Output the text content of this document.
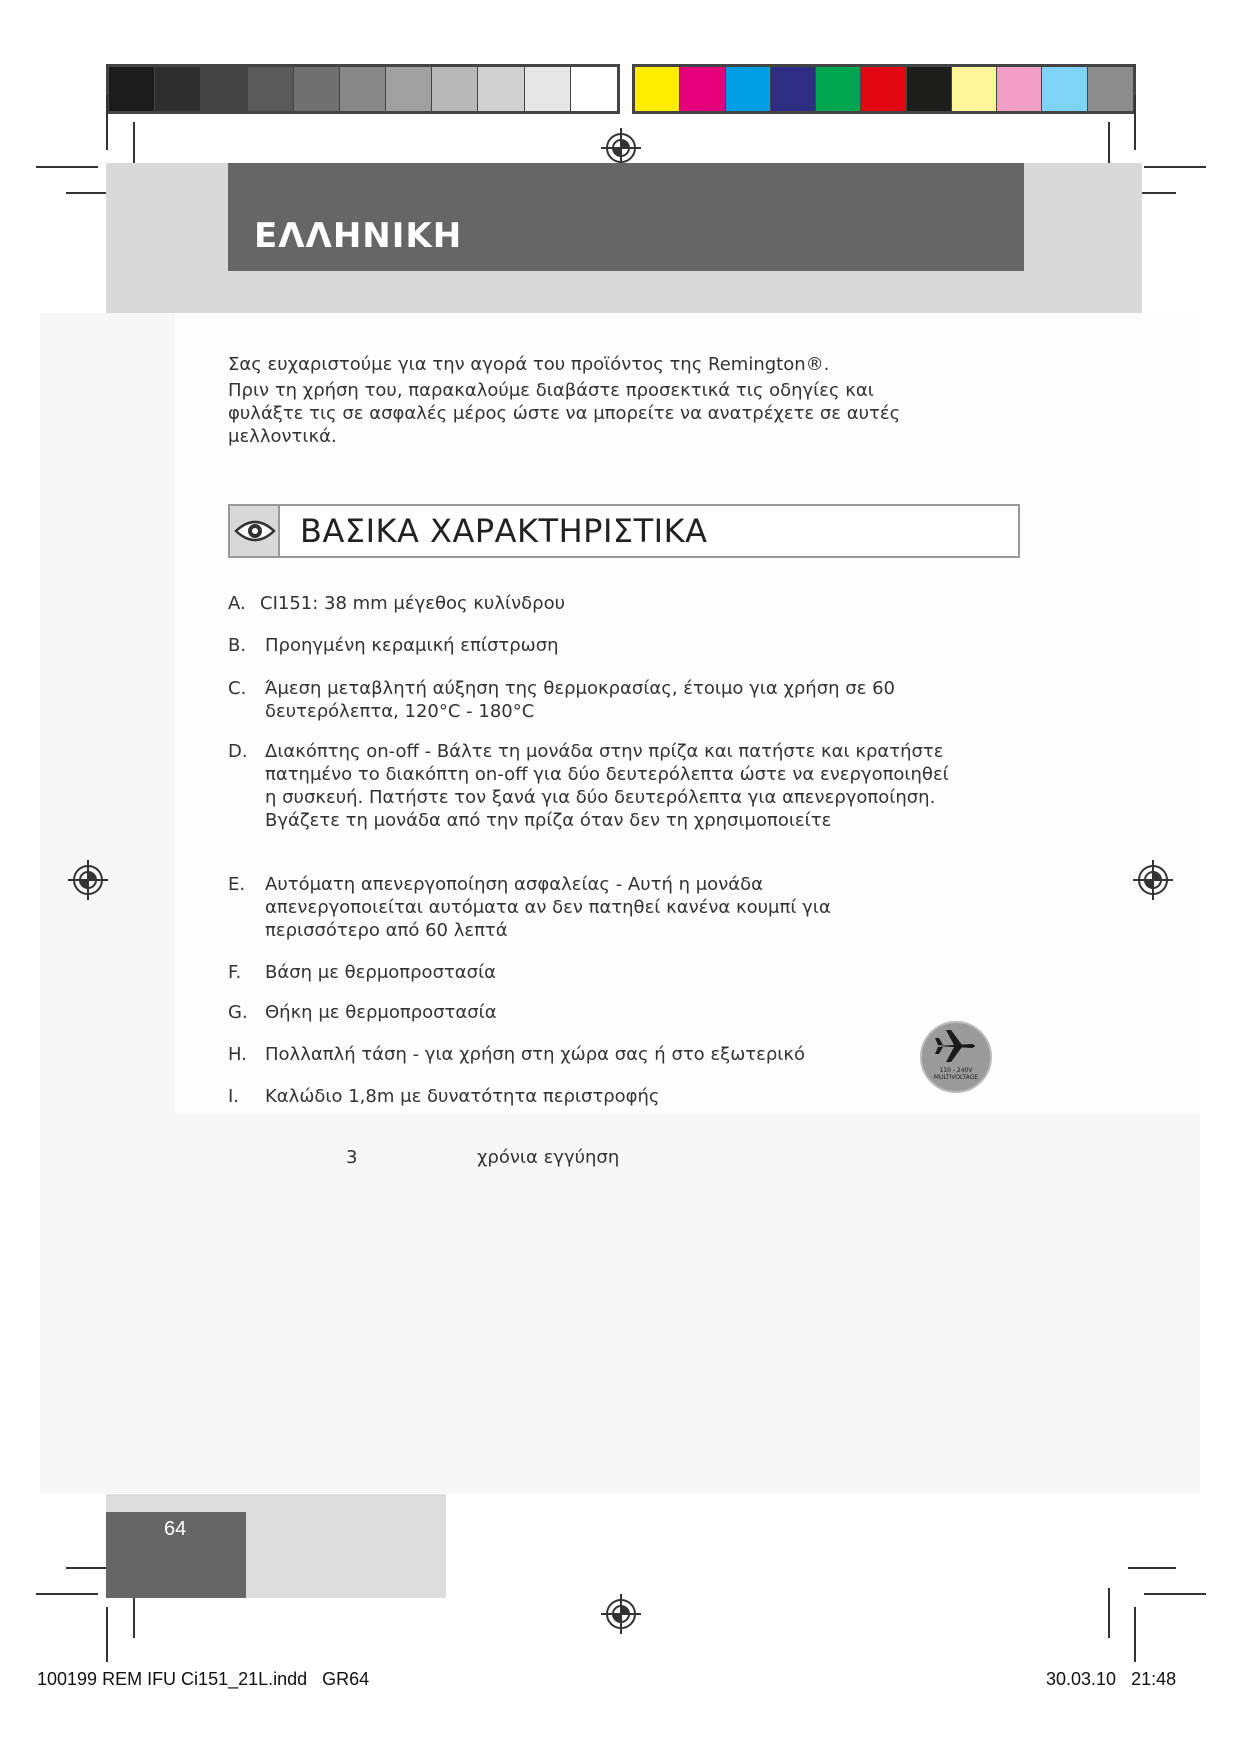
ΕΛΛΗΝΙΚΗ
Σας ευχαριστούμε για την αγορά του προϊόντος της Remington®.
Πριν τη χρήση του, παρακαλούμε διαβάστε προσεκτικά τις οδηγίες και
φυλάξτε τις σε ασφαλές μέρος ώστε να μπορείτε να ανατρέχετε σε αυτές
μελλοντικά.
ΒΑΣΙΚΑ ΧΑΡΑΚΤΗΡΙΣΤΙΚΑ
A. CI151: 38 mm μέγεθος κυλίνδρου
B. Προηγμένη κεραμική επίστρωση
C. Άμεση μεταβλητή αύξηση της θερμοκρασίας, έτοιμο για χρήση σε 60 δευτερόλεπτα, 120°C - 180°C
D. Διακόπτης on-off - Βάλτε τη μονάδα στην πρίζα και πατήστε και κρατήστε πατημένο το διακόπτη on-off για δύο δευτερόλεπτα ώστε να ενεργοποιηθεί η συσκευή. Πατήστε τον ξανά για δύο δευτερόλεπτα για απενεργοποίηση. Βγάζετε τη μονάδα από την πρίζα όταν δεν τη χρησιμοποιείτε
E. Αυτόματη απενεργοποίηση ασφαλείας - Αυτή η μονάδα απενεργοποιείται αυτόματα αν δεν πατηθεί κανένα κουμπί για περισσότερο από 60 λεπτά
F. Βάση με θερμοπροστασία
G. Θήκη με θερμοπροστασία
H. Πολλαπλή τάση - για χρήση στη χώρα σας ή στο εξωτερικό
I. Καλώδιο 1,8m με δυνατότητα περιστροφής
110 - 240V MULTIVOLTAGE
3	χρόνια εγγύηση
64
100199 REM IFU Ci151_21L.indd   GR64	30.03.10   21:48
